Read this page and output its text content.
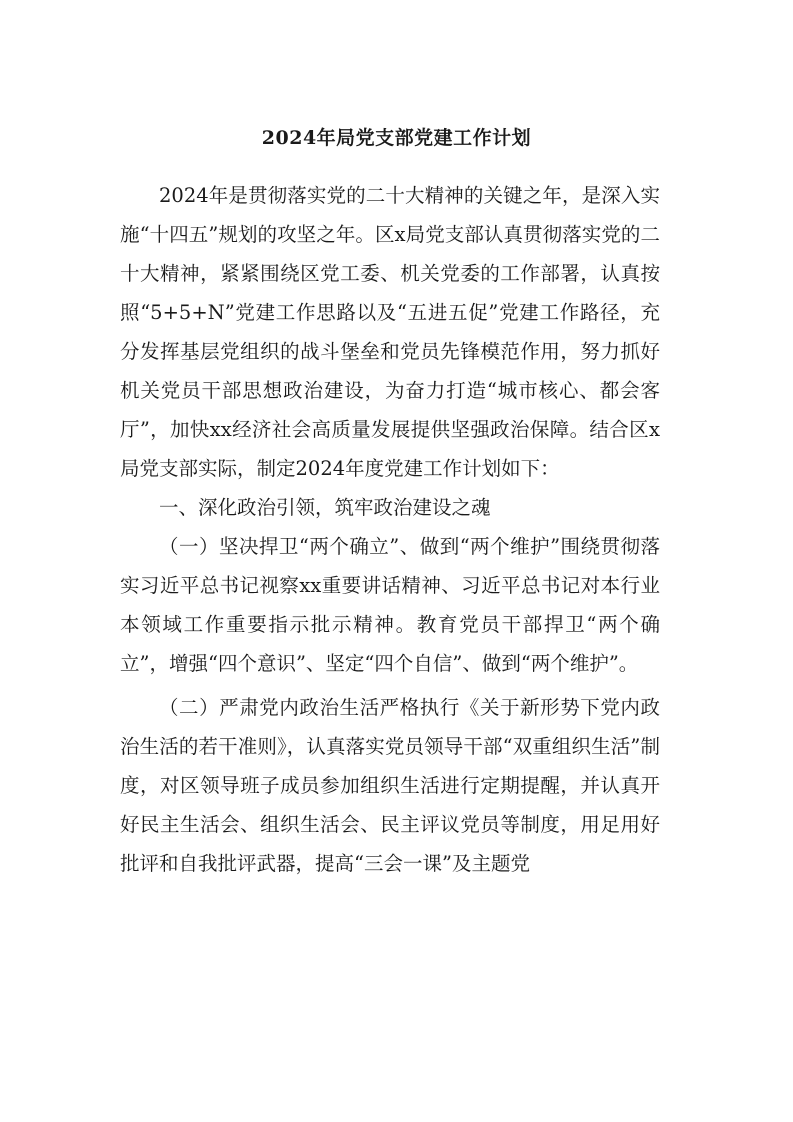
2024年局党支部党建工作计划

2024年是贯彻落实党的二十大精神的关键之年，是深入实施“十四五”规划的攻坚之年。区x局党支部认真贯彻落实党的二十大精神，紧紧围绕区党工委、机关党委的工作部署，认真按照“5+5+N”党建工作思路以及“五进五促”党建工作路径，充分发挥基层党组织的战斗堡垒和党员先锋模范作用，努力抓好机关党员干部思想政治建设，为奋力打造“城市核心、都会客厅”，加快xx经济社会高质量发展提供坚强政治保障。结合区x局党支部实际，制定2024年度党建工作计划如下：

一、深化政治引领，筑牢政治建设之魂

（一）坚决捍卫“两个确立”、做到“两个维护”围绕贯彻落实习近平总书记视察xx重要讲话精神、习近平总书记对本行业本领域工作重要指示批示精神。教育党员干部捍卫“两个确立”，增强“四个意识”、坚定“四个自信”、做到“两个维护”。

（二）严肃党内政治生活严格执行《关于新形势下党内政治生活的若干准则》，认真落实党员领导干部“双重组织生活”制度，对区领导班子成员参加组织生活进行定期提醒，并认真开好民主生活会、组织生活会、民主评议党员等制度，用足用好批评和自我批评武器，提高“三会一课”及主题党
